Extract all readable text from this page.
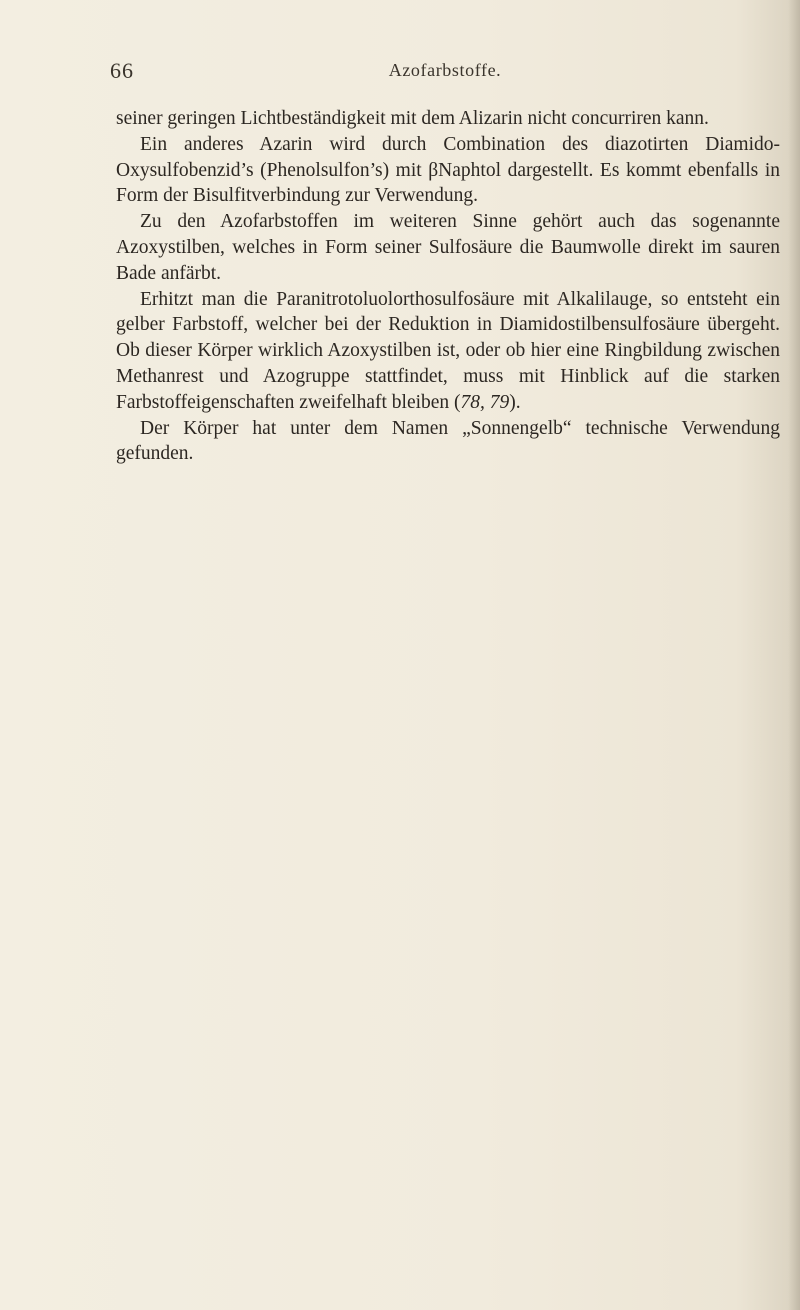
66	Azofarbstoffe.

seiner geringen Lichtbeständigkeit mit dem Alizarin nicht concurriren kann.

Ein anderes Azarin wird durch Combination des diazotirten Diamido-Oxysulfobenzid’s (Phenolsulfon’s) mit βNaphtol dargestellt. Es kommt ebenfalls in Form der Bisulfitverbindung zur Verwendung.

Zu den Azofarbstoffen im weiteren Sinne gehört auch das sogenannte Azoxystilben, welches in Form seiner Sulfosäure die Baumwolle direkt im sauren Bade anfärbt.

Erhitzt man die Paranitrotoluolorthosulfosäure mit Alkalilauge, so entsteht ein gelber Farbstoff, welcher bei der Reduktion in Diamidostilbensulfosäure übergeht. Ob dieser Körper wirklich Azoxystilben ist, oder ob hier eine Ringbildung zwischen Methanrest und Azogruppe stattfindet, muss mit Hinblick auf die starken Farbstoffeigenschaften zweifelhaft bleiben (78, 79).

Der Körper hat unter dem Namen „Sonnengelb“ technische Verwendung gefunden.
